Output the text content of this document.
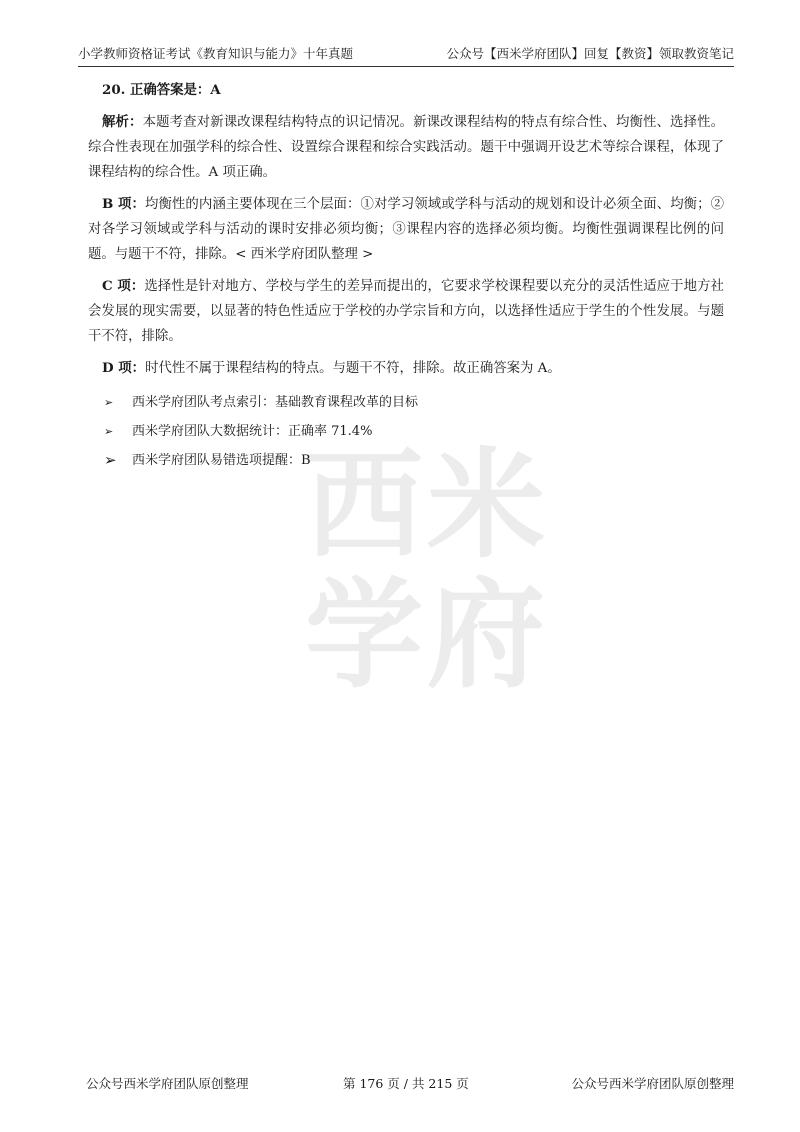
小学教师资格证考试《教育知识与能力》十年真题	公众号【西米学府团队】回复【教资】领取教资笔记
西米
学府
20. 正确答案是：A

解析：本题考查对新课改课程结构特点的识记情况。新课改课程结构的特点有综合性、均衡性、选择性。综合性表现在加强学科的综合性、设置综合课程和综合实践活动。题干中强调开设艺术等综合课程，体现了课程结构的综合性。A 项正确。

B 项：均衡性的内涵主要体现在三个层面：①对学习领域或学科与活动的规划和设计必须全面、均衡；②对各学习领域或学科与活动的课时安排必须均衡；③课程内容的选择必须均衡。均衡性强调课程比例的问题。与题干不符，排除。< 西米学府团队整理 >

C 项：选择性是针对地方、学校与学生的差异而提出的，它要求学校课程要以充分的灵活性适应于地方社会发展的现实需要，以显著的特色性适应于学校的办学宗旨和方向，以选择性适应于学生的个性发展。与题干不符，排除。

D 项：时代性不属于课程结构的特点。与题干不符，排除。故正确答案为 A。

➢ 西米学府团队考点索引：基础教育课程改革的目标
➢ 西米学府团队大数据统计：正确率 71.4%
➢ 西米学府团队易错选项提醒：B
公众号西米学府团队原创整理	第 176 页 / 共 215 页	公众号西米学府团队原创整理
